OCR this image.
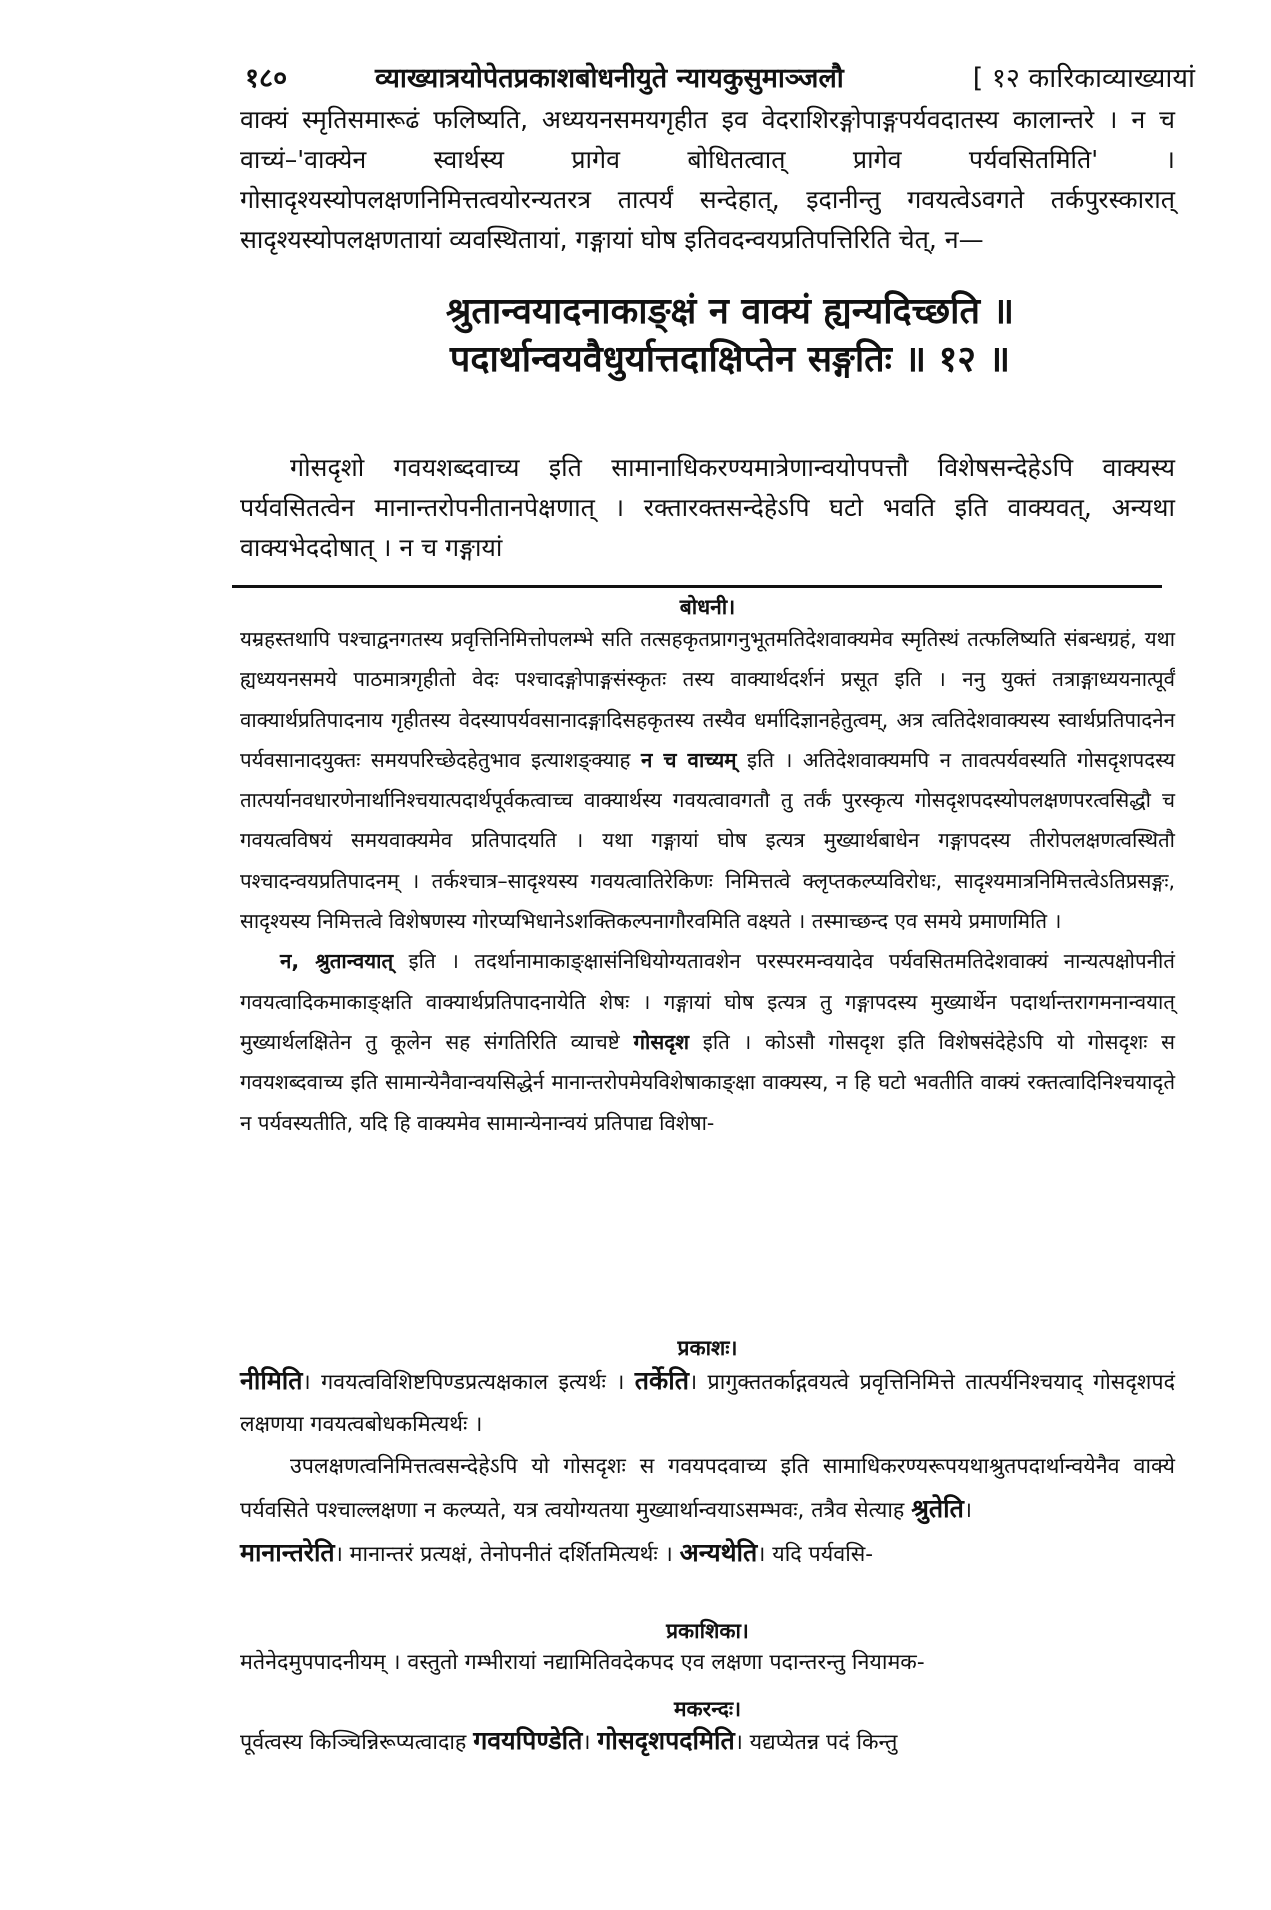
१८०	व्याख्यात्रयोपेतप्रकाशबोधनीयुते न्यायकुसुमाञ्जलौ	[ १२ कारिकाव्याख्यायां
वाक्यं स्मृतिसमारूढं फलिष्यति, अध्ययनसमयगृहीत इव वेदराशिरङ्गोपाङ्गपर्यवदातस्य कालान्तरे । न च वाच्यं–'वाक्येन स्वार्थस्य प्रागेव बोधितत्वात् प्रागेव पर्यवसितमिति' । गोसादृश्यस्योपलक्षणनिमित्तत्वयोरन्यतरत्र तात्पर्यं सन्देहात्, इदानीन्तु गवयत्वेऽवगते तर्कपुरस्कारात् सादृश्यस्योपलक्षणतायां व्यवस्थितायां, गङ्गायां घोष इतिवदन्वयप्रतिपत्तिरिति चेत्, न—
श्रुतान्वयादनाकाङ्क्षं न वाक्यं ह्यन्यदिच्छति ॥
पदार्थान्वयवैधुर्यात्तदाक्षिप्तेन सङ्गतिः ॥ १२ ॥
गोसदृशो गवयशब्दवाच्य इति सामानाधिकरण्यमात्रेणान्वयोपपत्तौ विशेषसन्देहेऽपि वाक्यस्य पर्यवसितत्वेन मानान्तरोपनीतानपेक्षणात् । रक्तारक्तसन्देहेऽपि घटो भवति इति वाक्यवत्, अन्यथा वाक्यभेददोषात् । न च गङ्गायां
बोधनी।
यम्रहस्तथापि पश्चाद्वनगतस्य प्रवृत्तिनिमित्तोपलम्भे सति तत्सहकृतप्रागनुभूतमतिदेशवाक्यमेव स्मृतिस्थं तत्फलिष्यति संबन्धग्रहं, यथा ह्यध्ययनसमये पाठमात्रगृहीतो वेदः पश्चादङ्गोपाङ्गसंस्कृतः तस्य वाक्यार्थदर्शनं प्रसूत इति । ननु युक्तं तत्राङ्गाध्ययनात्पूर्वं वाक्यार्थप्रतिपादनाय गृहीतस्य वेदस्यापर्यवसानादङ्गादिसहकृतस्य तस्यैव धर्मादिज्ञानहेतुत्वम्, अत्र त्वतिदेशवाक्यस्य स्वार्थप्रतिपादनेन पर्यवसानादयुक्तः समयपरिच्छेदहेतुभाव इत्याशङ्क्याह न च वाच्यम् इति । अतिदेशवाक्यमपि न तावत्पर्यवस्यति गोसदृशपदस्य तात्पर्यानवधारणेनार्थानिश्चयात्पदार्थपूर्वकत्वाच्च वाक्यार्थस्य गवयत्वावगतौ तु तर्कं पुरस्कृत्य गोसदृशपदस्योपलक्षणपरत्वसिद्धौ च गवयत्वविषयं समयवाक्यमेव प्रतिपादयति । यथा गङ्गायां घोष इत्यत्र मुख्यार्थबाधेन गङ्गापदस्य तीरोपलक्षणत्वस्थितौ पश्चादन्वयप्रतिपादनम् । तर्कश्चात्र–सादृश्यस्य गवयत्वातिरेकिणः निमित्तत्वे क्लृप्तकल्प्यविरोधः, सादृश्यमात्रनिमित्तत्वेऽतिप्रसङ्गः, सादृश्यस्य निमित्तत्वे विशेषणस्य गोरप्यभिधानेऽशक्तिकल्पनागौरवमिति वक्ष्यते । तस्माच्छन्द एव समये प्रमाणमिति ।
न, श्रुतान्वयात् इति । तदर्थानामाकाङ्क्षासंनिधियोग्यतावशेन परस्परमन्वयादेव पर्यवसितमतिदेशवाक्यं नान्यत्पक्षोपनीतं गवयत्वादिकमाकाङ्क्षति वाक्यार्थप्रतिपादनायेति शेषः । गङ्गायां घोष इत्यत्र तु गङ्गापदस्य मुख्यार्थेन पदार्थान्तरागमनान्वयात् मुख्यार्थलक्षितेन तु कूलेन सह संगतिरिति व्याचष्टे गोसदृश इति । कोऽसौ गोसदृश इति विशेषसंदेहेऽपि यो गोसदृशः स गवयशब्दवाच्य इति सामान्येनैवान्वयसिद्धेर्न मानान्तरोपमेयविशेषाकाङ्क्षा वाक्यस्य, न हि घटो भवतीति वाक्यं रक्तत्वादिनिश्चयादृते न पर्यवस्यतीति, यदि हि वाक्यमेव सामान्येनान्वयं प्रतिपाद्य विशेषा-
प्रकाशः।
नीमिति। गवयत्वविशिष्टपिण्डप्रत्यक्षकाल इत्यर्थः । तर्केति। प्रागुक्ततर्काद्गवयत्वे प्रवृत्तिनिमित्ते तात्पर्यनिश्चयाद् गोसदृशपदं लक्षणया गवयत्वबोधकमित्यर्थः ।
उपलक्षणत्वनिमित्तत्वसन्देहेऽपि यो गोसदृशः स गवयपदवाच्य इति सामाधिकरण्यरूपयथाश्रुतपदार्थान्वयेनैव वाक्ये पर्यवसिते पश्चाल्लक्षणा न कल्प्यते, यत्र त्वयोग्यतया मुख्यार्थान्वयाऽसम्भवः, तत्रैव सेत्याह श्रुतेति।
मानान्तरेति। मानान्तरं प्रत्यक्षं, तेनोपनीतं दर्शितमित्यर्थः । अन्यथेति। यदि पर्यवसि-
प्रकाशिका।
मतेनेदमुपपादनीयम् । वस्तुतो गम्भीरायां नद्यामितिवदेकपद एव लक्षणा पदान्तरन्तु नियामक-
मकरन्दः।
पूर्वत्वस्य किञ्चिन्निरूप्यत्वादाह गवयपिण्डेति। गोसदृशपदमिति। यद्यप्येतन्न पदं किन्तु
